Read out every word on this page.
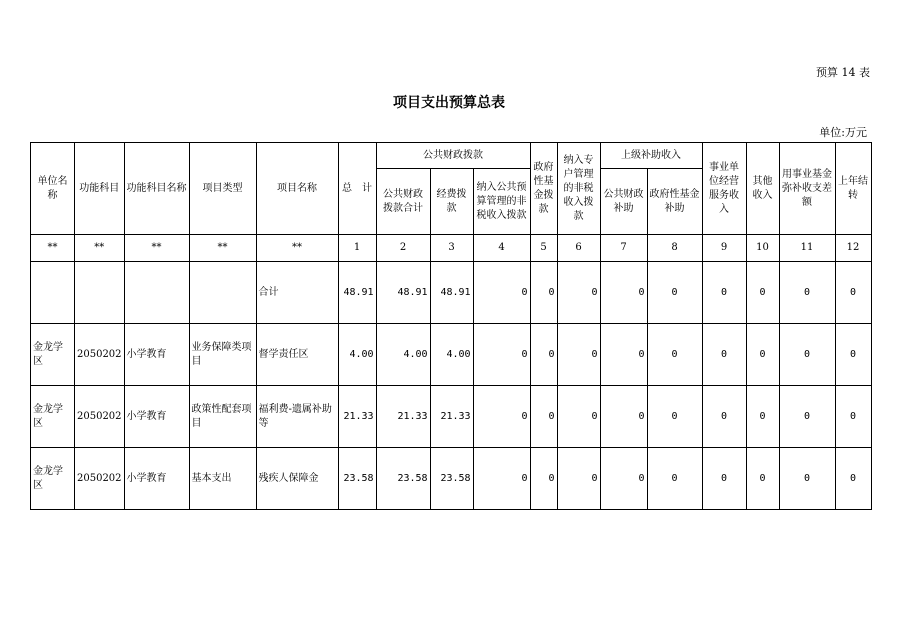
预算 14 表
项目支出预算总表
单位:万元
单位名称	功能科目	功能科目名称	项目类型	项目名称	总　计	公共财政拨款			政府性基金拨款	纳入专户管理的非税收入拨款	上级补助收入		事业单位经营服务收入	其他收入	用事业基金弥补收支差额	上年结转
						公共财政拨款合计	经费拨款	纳入公共预算管理的非税收入拨款			公共财政补助	政府性基金补助				
**	**	**	**	**	1	2	3	4	5	6	7	8	9	10	11	12
				合计	48.91	48.91	48.91	0	0	0	0	0	0	0	0	0
金龙学区	2050202	小学教育	业务保障类项目	督学责任区	4.00	4.00	4.00	0	0	0	0	0	0	0	0	0
金龙学区	2050202	小学教育	政策性配套项目	福利费-遗属补助等	21.33	21.33	21.33	0	0	0	0	0	0	0	0	0
金龙学区	2050202	小学教育	基本支出	残疾人保障金	23.58	23.58	23.58	0	0	0	0	0	0	0	0	0
